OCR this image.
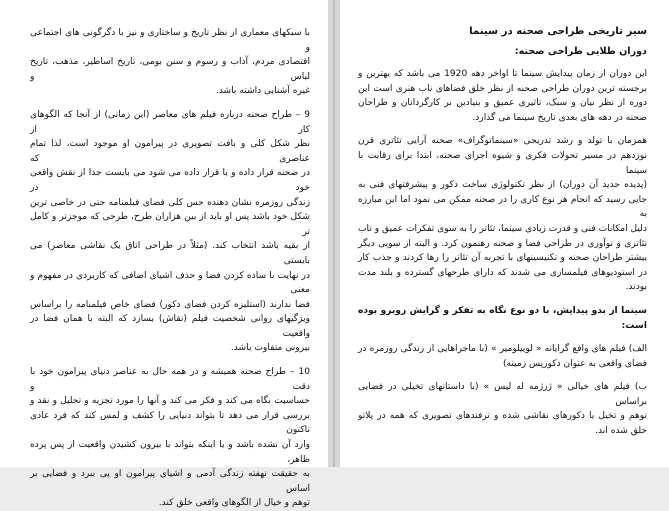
با سبکهای معماری از نظر تاریخ و ساختاری و نیز با دگرگونی های اجتماعی و
اقتصادی مردم، آداب و رسوم و سنن بومی، تاریخ اساطیر، مذهب، تاریخ لباس و
غیره آشنایی داشته باشد.
9 – طراح صحنه درباره فیلم های معاصر (این زمانی) از آنجا که الگوهای کار از
نظر شکل کلی و بافت تصویری در پیرامون او موجود است، لذا تمام عناصری که
در صحنه قرار داده و یا قرار داده می شود می بایست جدا از نقش واقعی خود در
زندگی روزمره نشان دهنده حس کلی فضای فیلمنامه حتی در خاصی ترین
شکل خود باشد پس او باید از بین هزاران طرح، طرحی که موجزتر و کامل تر
از بقیه باشد انتخاب کند. (مثلاً در طراحی اتاق یک نقاشی معاصر) می بایستی
در نهایت با ساده کردن فضا و حذف اشیای اضافی که کاربردی در مفهوم و معنی
فضا ندارند (استلیزه کردن فضای دکور) فضای خاص فیلمنامه را براساس
ویژگیهای روانی شخصیت فیلم (نقاش) بسازد که البته با همان فضا در واقعیت
بیرونی متفاوت باشد.
10 – طراح صحنه همیشه و در همه حال به عناصر دنیای پیرامون خود با دقت و
حساسیت نگاه می کند و فکر می کند و آنها را مورد تجزیه و تحلیل و نقد و
بررسی قرار می دهد تا بتواند دنیایی را کشف و لمس کند که فرد عادی تاکنون
وارد آن نشده باشد و یا اینکه بتواند با بیرون کشیدن واقعیت از پس پرده ظاهر،
به حقیقت نهفته زندگی آدمی و اشیای پیرامون او پی ببرد و فضایی بر اساس
توهم و خیال از الگوهای واقعی خلق کند.
سیر تاریخی طراحی صحنه در سینما
دوران طلایی طراحی صحنه:
این دوران از زمان پیدایش سینما تا اواخر دهه 1920 می باشد که بهترین و
برجسته ترین دوران طراحی صحنه از نظر خلق فضاهای ناب هنری است این
دوره از نظر بیان و سبک، تاثیری عمیق و بنیادین بر کارگردانان و طراحان
صحنه در دهه های بعدی تاریخ سینما می گذارد.
همزمان با تولد و رشد تدریجی «سینماتوگراف» صحنه آرایی تئاتری قرن
نوزدهم در مسیر تحولات فکری و شیوه اجرای صحنه، ابتدا برای رقابت با سینما
(پدیده جدید آن دوران) از نظر تکنولوژی ساخت دکور و پیشرفتهای فنی به
جایی رسید که انجام هر نوع کاری را در صحنه ممکن می نمود اما این مبارزه به
دلیل امکانات فنی و قدرت زیادی سینما، تئاتر را به سوی تفکرات عمیق و ناب
تئاتری و نوآوری در طراحی فضا و صحنه رهنمون کرد. و البته از سویی دیگر
بیشتر طراحان صحنه و تکنیسینهای با تجربه آن تئاتر را رها کردند و جذب کار
در استودیوهای فیلمسازی می شدند که دارای طرحهای گسترده و بلند مدت
بودند.
سینما از بدو پیدایش، با دو نوع نگاه به تفکر و گرایش روبرو بوده است:
الف) فیلم های واقع گرایانه « لوییلومیر » (با ماجراهایی از زندگی روزمره در
فضای واقعی به عنوان دکورپس زمینه)
ب) فیلم های خیالی « ژرژمه له لیس » (با داستانهای تخیلی در فضایی براساس
توهم و تخیل با دکورهای نقاشی شده و ترفندهای تصویری که همه در پلاتو
خلق شده اند.
